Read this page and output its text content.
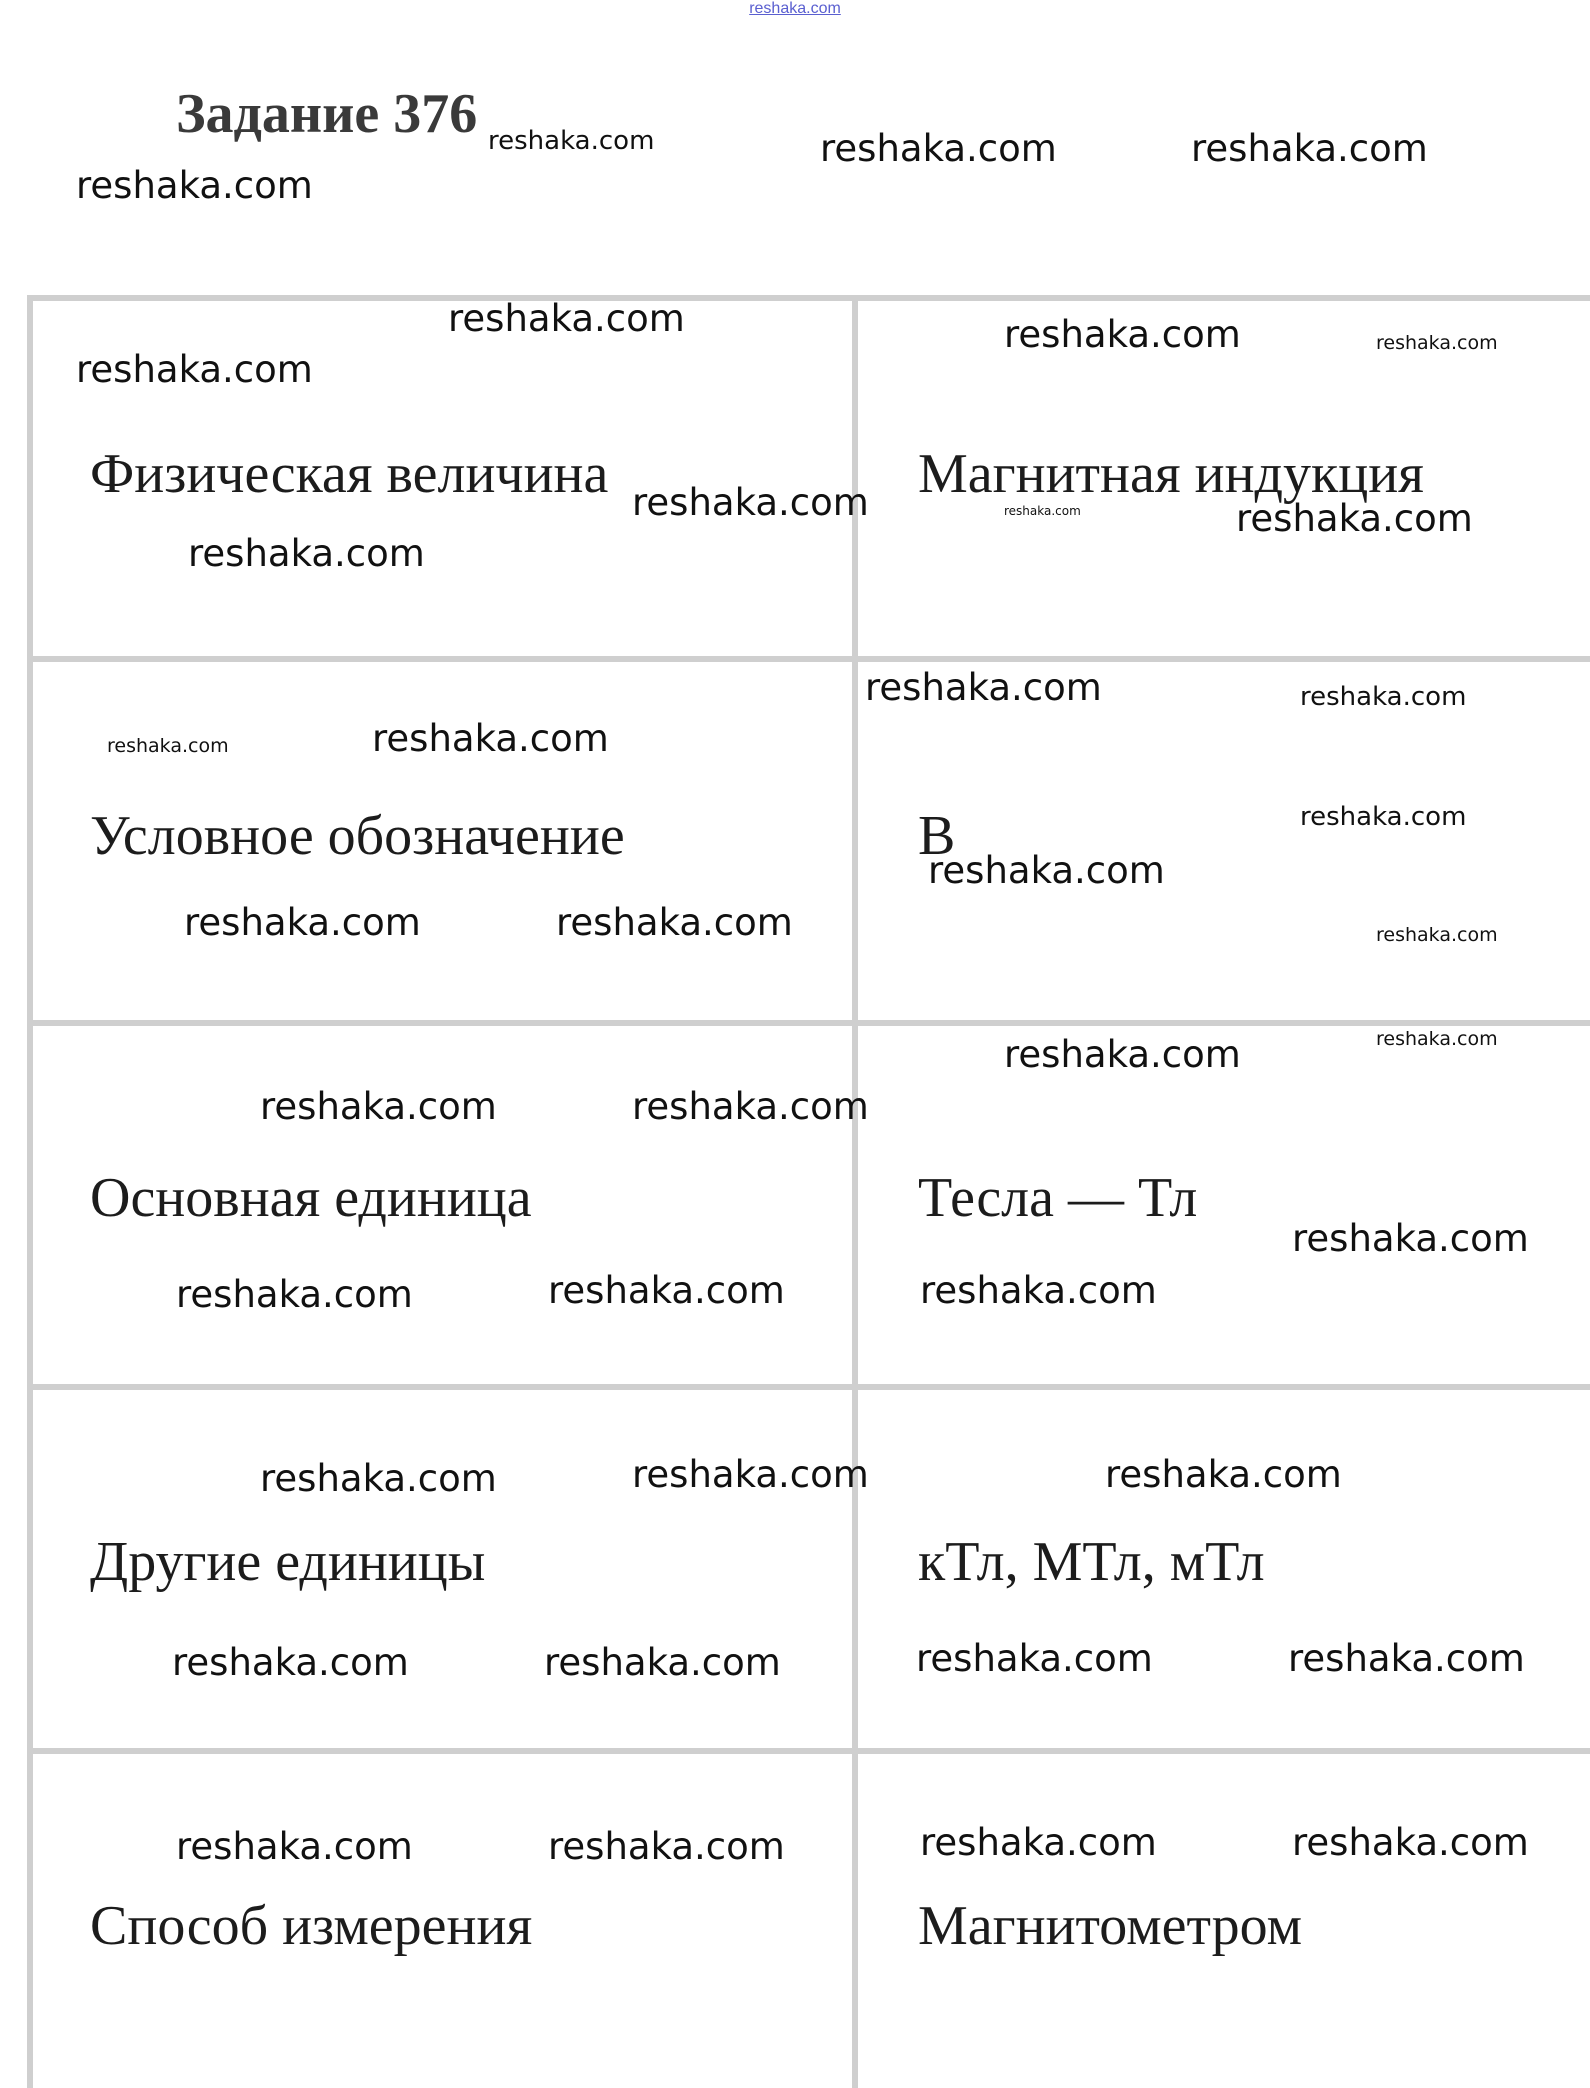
reshaka.com
Задание 376
Физическая величина	Магнитная индукция
Условное обозначение	B
Основная единица	Тесла — Тл
Другие единицы	кТл, МТл, мТл
Способ измерения	Магнитометром
reshaka.com	reshaka.com	reshaka.com
reshaka.com
reshaka.com
reshaka.com
reshaka.com	reshaka.com
reshaka.com	reshaka.com	reshaka.com
reshaka.com
reshaka.com	reshaka.com
reshaka.com	reshaka.com
reshaka.com
reshaka.com
reshaka.com	reshaka.com	reshaka.com
reshaka.com
reshaka.com
reshaka.com	reshaka.com
reshaka.com
reshaka.com	reshaka.com	reshaka.com
reshaka.com	reshaka.com	reshaka.com
reshaka.com	reshaka.com	reshaka.com	reshaka.com
reshaka.com	reshaka.com	reshaka.com	reshaka.com
